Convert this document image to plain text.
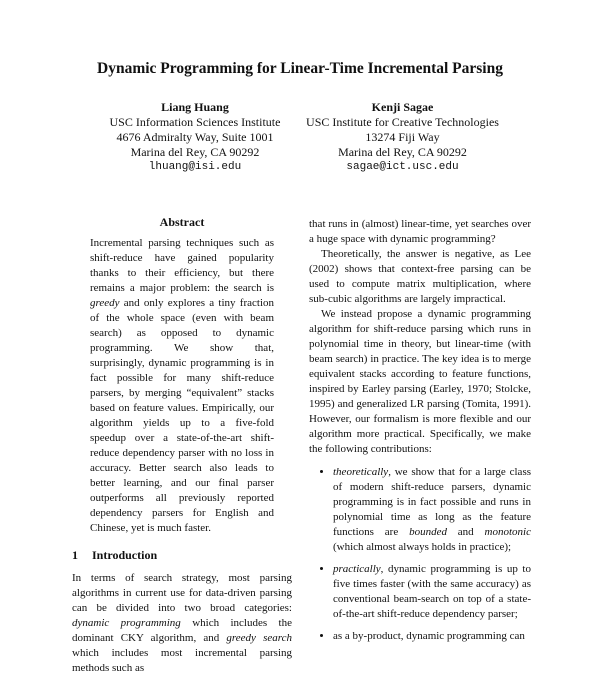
Dynamic Programming for Linear-Time Incremental Parsing
Liang Huang
USC Information Sciences Institute
4676 Admiralty Way, Suite 1001
Marina del Rey, CA 90292
lhuang@isi.edu
Kenji Sagae
USC Institute for Creative Technologies
13274 Fiji Way
Marina del Rey, CA 90292
sagae@ict.usc.edu
Abstract

Incremental parsing techniques such as shift-reduce have gained popularity thanks to their efficiency, but there remains a major problem: the search is greedy and only explores a tiny fraction of the whole space (even with beam search) as opposed to dynamic programming. We show that, surprisingly, dynamic programming is in fact possible for many shift-reduce parsers, by merging “equivalent” stacks based on feature values. Empirically, our algorithm yields up to a five-fold speedup over a state-of-the-art shift-reduce dependency parser with no loss in accuracy. Better search also leads to better learning, and our final parser outperforms all previously reported dependency parsers for English and Chinese, yet is much faster.

1 Introduction

In terms of search strategy, most parsing algorithms in current use for data-driven parsing can be divided into two broad categories: dynamic programming which includes the dominant CKY algorithm, and greedy search which includes most incremental parsing methods such as

that runs in (almost) linear-time, yet searches over a huge space with dynamic programming?

Theoretically, the answer is negative, as Lee (2002) shows that context-free parsing can be used to compute matrix multiplication, where sub-cubic algorithms are largely impractical.

We instead propose a dynamic programming algorithm for shift-reduce parsing which runs in polynomial time in theory, but linear-time (with beam search) in practice. The key idea is to merge equivalent stacks according to feature functions, inspired by Earley parsing (Earley, 1970; Stolcke, 1995) and generalized LR parsing (Tomita, 1991). However, our formalism is more flexible and our algorithm more practical. Specifically, we make the following contributions:

• theoretically, we show that for a large class of modern shift-reduce parsers, dynamic programming is in fact possible and runs in polynomial time as long as the feature functions are bounded and monotonic (which almost always holds in practice);
• practically, dynamic programming is up to five times faster (with the same accuracy) as conventional beam-search on top of a state-of-the-art shift-reduce dependency parser;
• as a by-product, dynamic programming can
